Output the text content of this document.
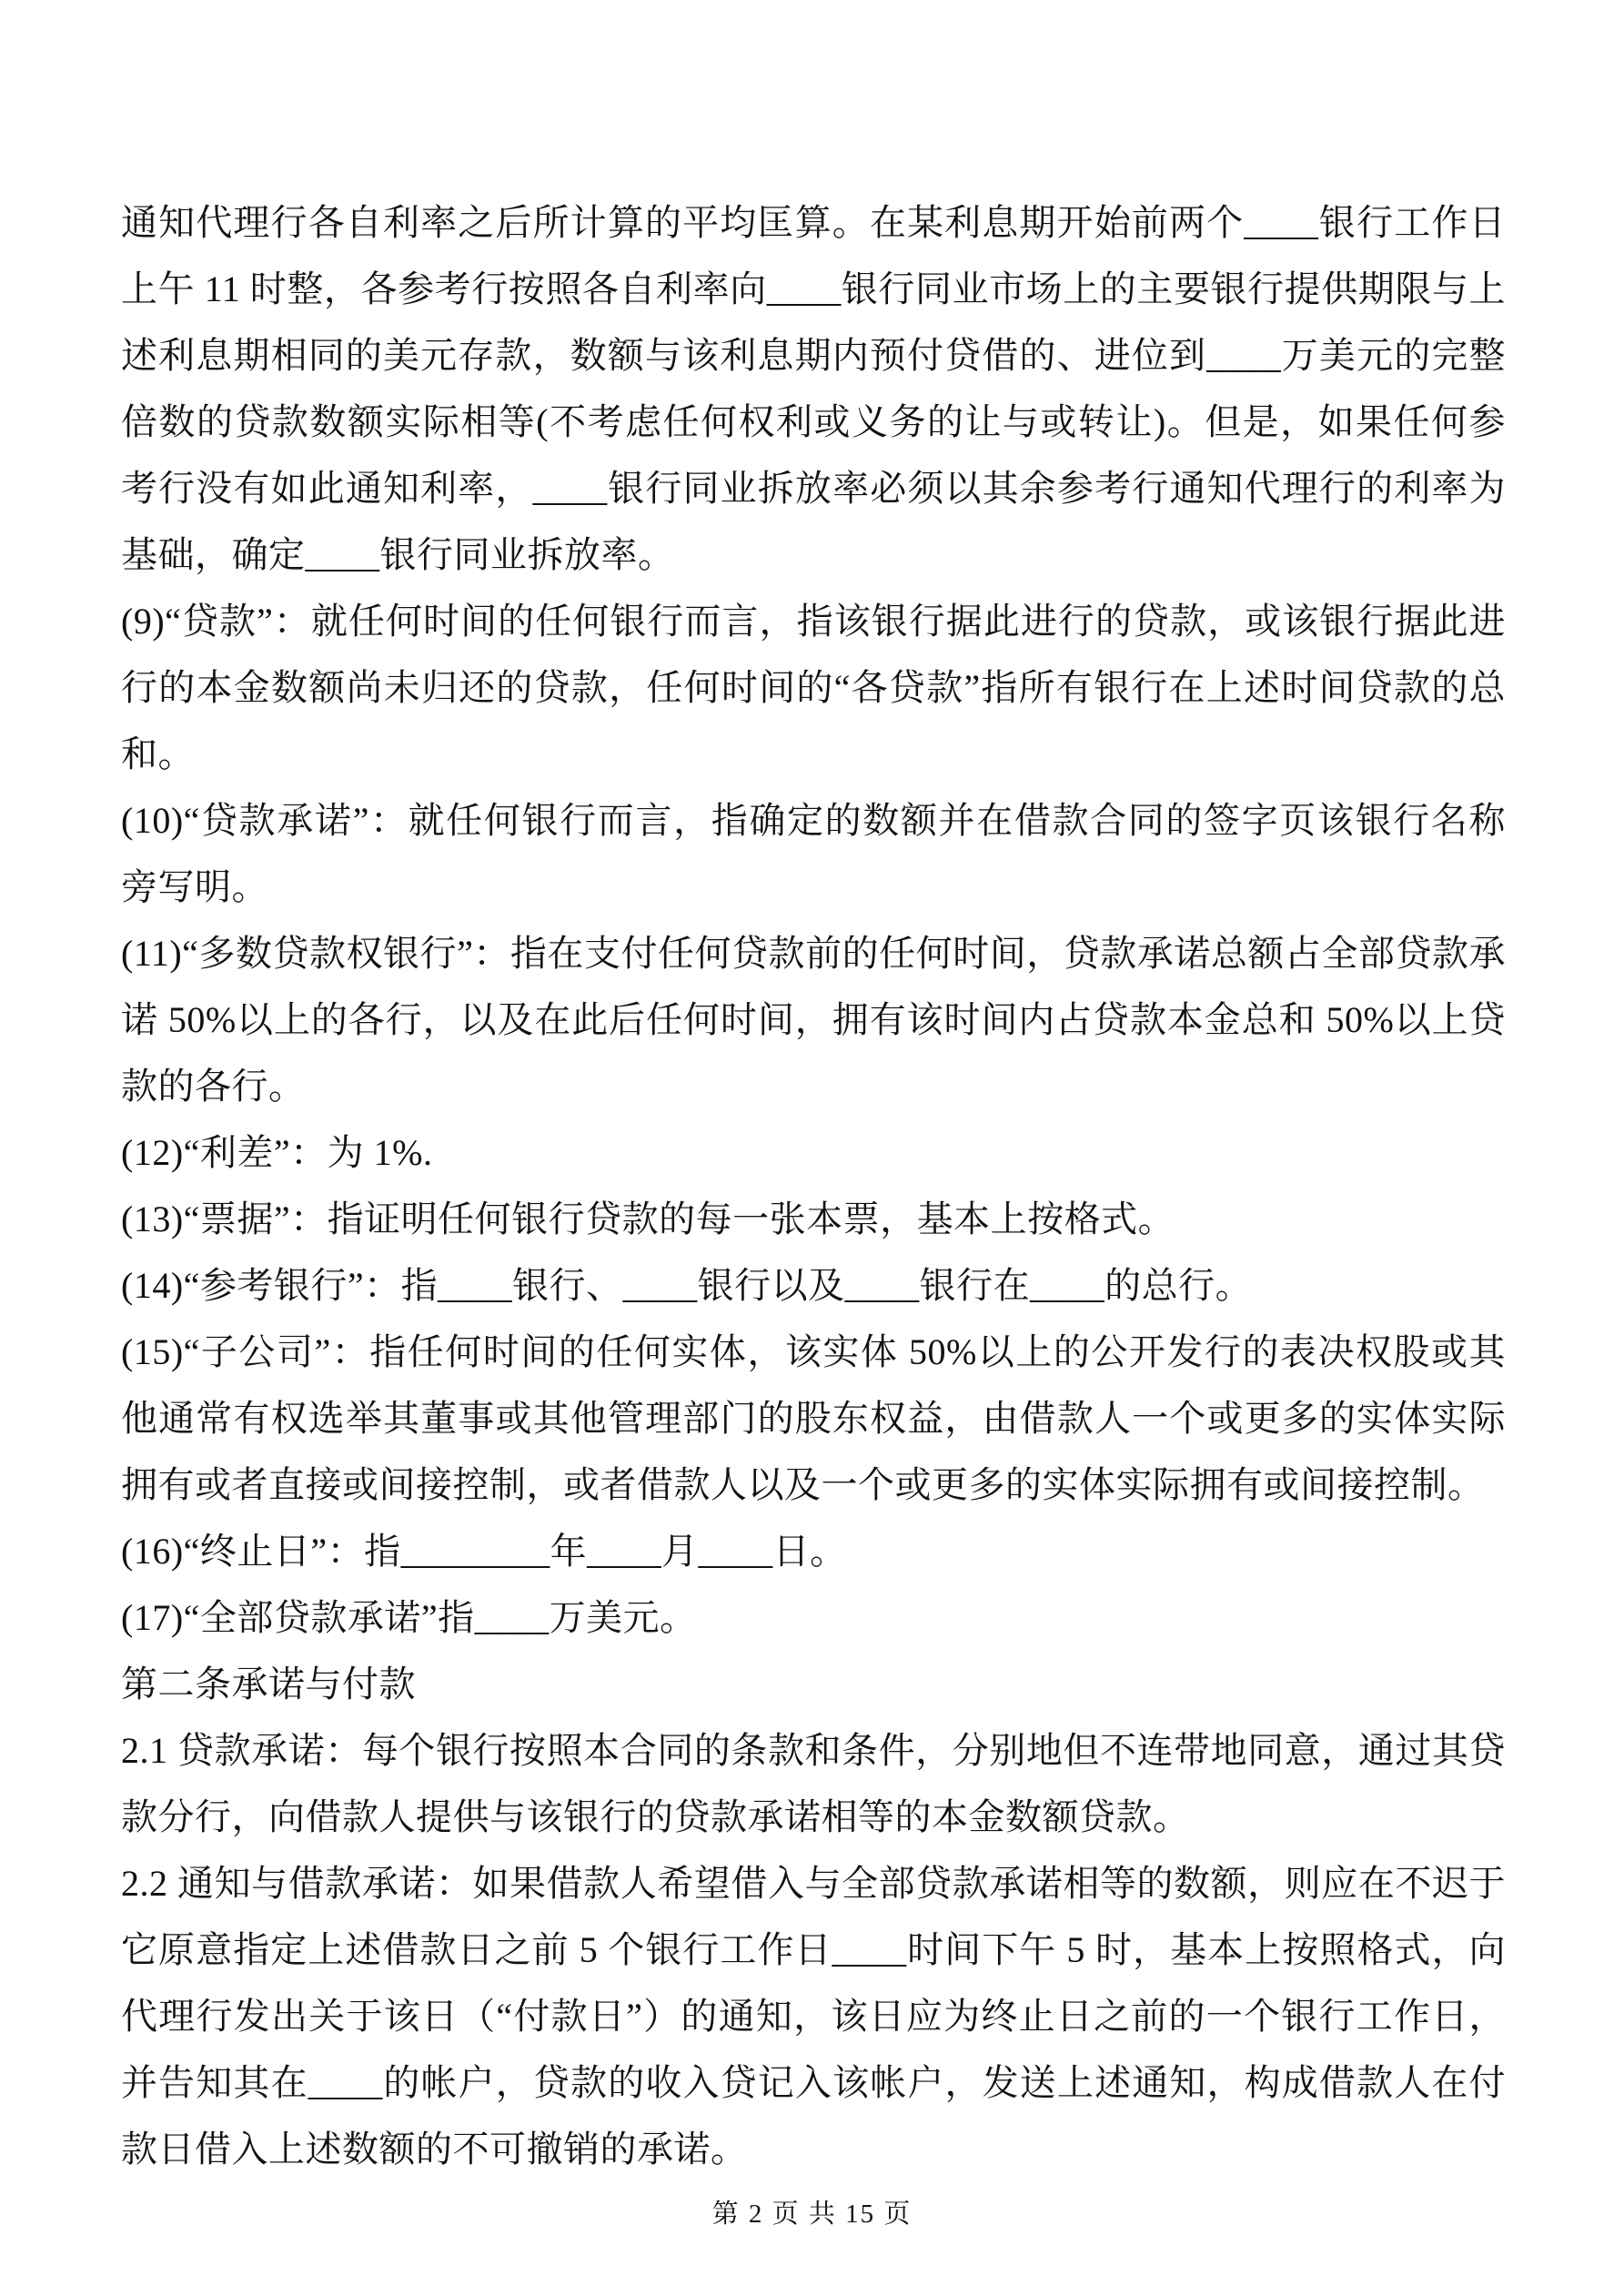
通知代理行各自利率之后所计算的平均匡算。在某利息期开始前两个____银行工作日上午 11 时整，各参考行按照各自利率向____银行同业市场上的主要银行提供期限与上述利息期相同的美元存款，数额与该利息期内预付贷借的、进位到____万美元的完整倍数的贷款数额实际相等(不考虑任何权利或义务的让与或转让)。但是，如果任何参考行没有如此通知利率，____银行同业拆放率必须以其余参考行通知代理行的利率为基础，确定____银行同业拆放率。

(9)“贷款”：就任何时间的任何银行而言，指该银行据此进行的贷款，或该银行据此进行的本金数额尚未归还的贷款，任何时间的“各贷款”指所有银行在上述时间贷款的总和。

(10)“贷款承诺”：就任何银行而言，指确定的数额并在借款合同的签字页该银行名称旁写明。

(11)“多数贷款权银行”：指在支付任何贷款前的任何时间，贷款承诺总额占全部贷款承诺 50%以上的各行，以及在此后任何时间，拥有该时间内占贷款本金总和 50%以上贷款的各行。

(12)“利差”：为 1%.

(13)“票据”：指证明任何银行贷款的每一张本票，基本上按格式。

(14)“参考银行”：指____银行、____银行以及____银行在____的总行。

(15)“子公司”：指任何时间的任何实体，该实体 50%以上的公开发行的表决权股或其他通常有权选举其董事或其他管理部门的股东权益，由借款人一个或更多的实体实际拥有或者直接或间接控制，或者借款人以及一个或更多的实体实际拥有或间接控制。

(16)“终止日”：指________年____月____日。

(17)“全部贷款承诺”指____万美元。

第二条承诺与付款

2.1 贷款承诺：每个银行按照本合同的条款和条件，分别地但不连带地同意，通过其贷款分行，向借款人提供与该银行的贷款承诺相等的本金数额贷款。

2.2 通知与借款承诺：如果借款人希望借入与全部贷款承诺相等的数额，则应在不迟于它原意指定上述借款日之前 5 个银行工作日____时间下午 5 时，基本上按照格式，向代理行发出关于该日（“付款日”）的通知，该日应为终止日之前的一个银行工作日，并告知其在____的帐户，贷款的收入贷记入该帐户，发送上述通知，构成借款人在付款日借入上述数额的不可撤销的承诺。

第 2 页 共 15 页
